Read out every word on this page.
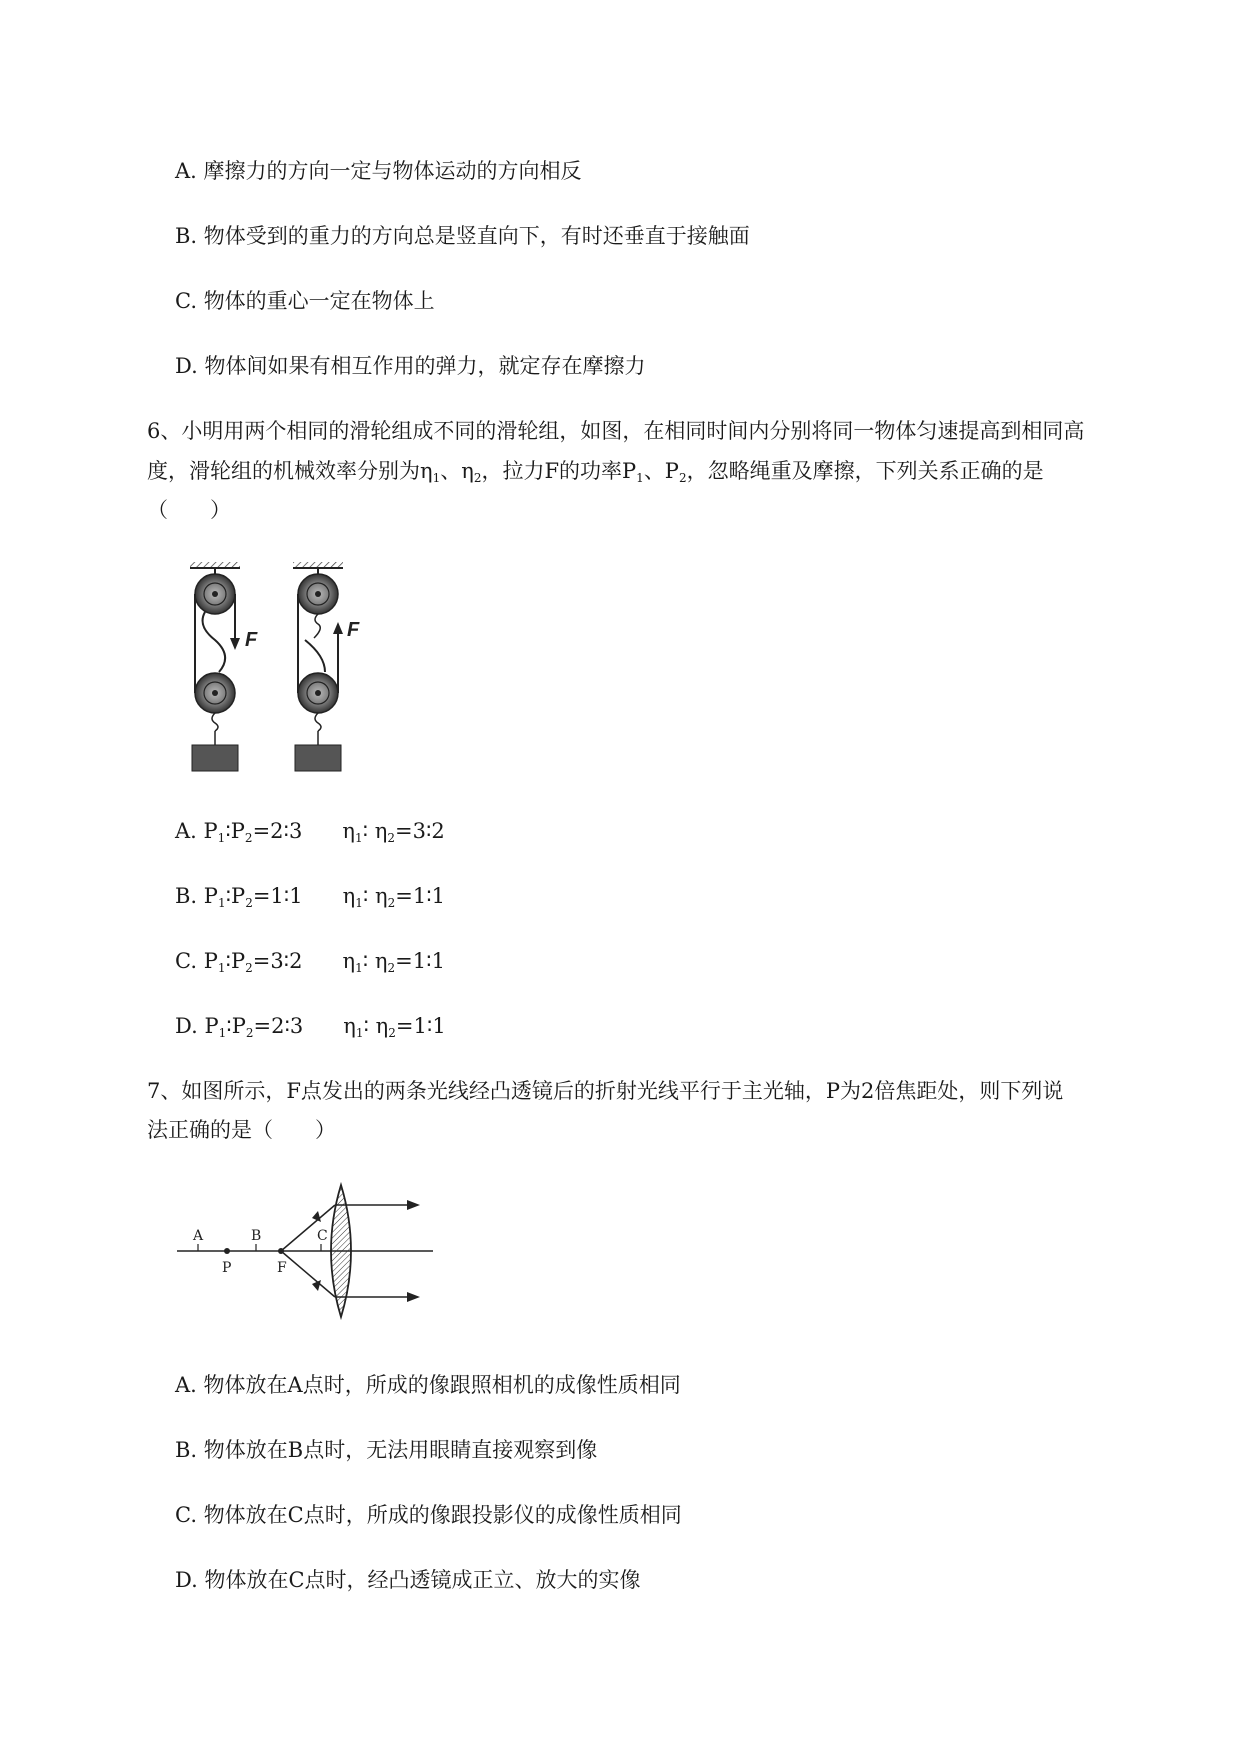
A. 摩擦力的方向一定与物体运动的方向相反
B. 物体受到的重力的方向总是竖直向下，有时还垂直于接触面
C. 物体的重心一定在物体上
D. 物体间如果有相互作用的弹力，就定存在摩擦力
6、小明用两个相同的滑轮组成不同的滑轮组，如图，在相同时间内分别将同一物体匀速提高到相同高
度，滑轮组的机械效率分别为$\eta_1$、$\eta_2$，拉力F的功率$P_1$、$P_2$，忽略绳重及摩擦，下列关系正确的是
（　　）
F	F
A. $P_1∶P_2=2∶3$ $\eta_1∶$ $\eta_2=3∶2$
B. $P_1∶P_2=1∶1$ $\eta_1∶$ $\eta_2=1∶1$
C. $P_1∶P_2=3∶2$ $\eta_1∶$ $\eta_2=1∶1$
D. $P_1∶P_2=2∶3$ $\eta_1∶$ $\eta_2=1∶1$
7、如图所示，F点发出的两条光线经凸透镜后的折射光线平行于主光轴，P为2倍焦距处，则下列说
法正确的是（　　）
A	B	C
P	F
A. 物体放在A点时，所成的像跟照相机的成像性质相同
B. 物体放在B点时，无法用眼睛直接观察到像
C. 物体放在C点时，所成的像跟投影仪的成像性质相同
D. 物体放在C点时，经凸透镜成正立、放大的实像
